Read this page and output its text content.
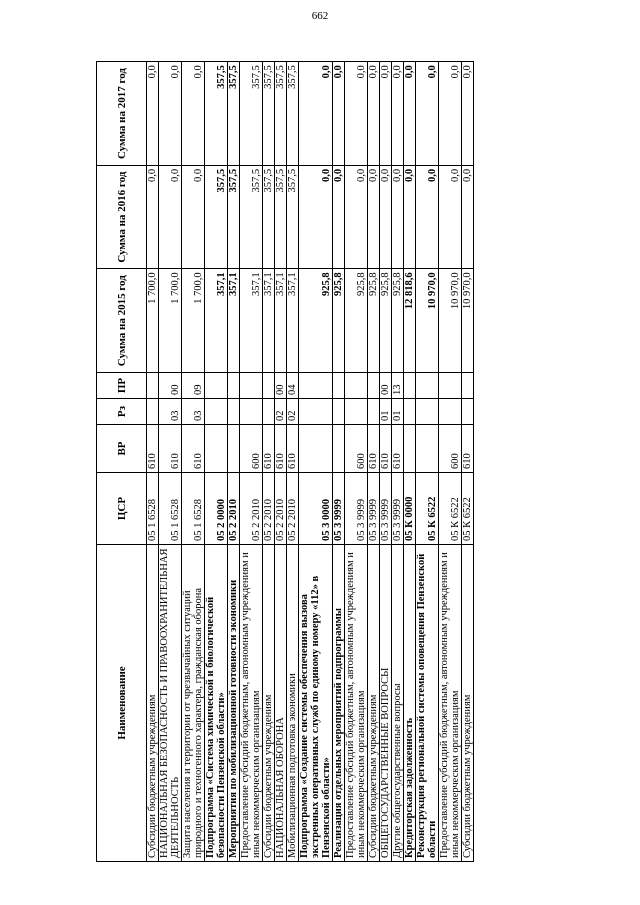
662
Наименование	ЦСР	ВР	Рз	ПР	Сумма на 2015 год	Сумма на 2016 год	Сумма на 2017 год
Субсидии бюджетным учреждениям	05 1 6528	610			1 700,0	0,0	0,0
НАЦИОНАЛЬНАЯ БЕЗОПАСНОСТЬ И ПРАВООХРАНИТЕЛЬНАЯ ДЕЯТЕЛЬНОСТЬ	05 1 6528	610	03	00	1 700,0	0,0	0,0
Защита населения и территории от чрезвычайных ситуаций природного и техногенного характера, гражданская оборона	05 1 6528	610	03	09	1 700,0	0,0	0,0
Подпрограмма «Система химической и биологической безопасности Пензенской области»	05 2 0000				357,1	357,5	357,5
Мероприятия по мобилизационной готовности экономики	05 2 2010				357,1	357,5	357,5
Предоставление субсидий бюджетным, автономным учреждениям и иным некоммерческим организациям	05 2 2010	600			357,1	357,5	357,5
Субсидии бюджетным учреждениям	05 2 2010	610			357,1	357,5	357,5
НАЦИОНАЛЬНАЯ ОБОРОНА	05 2 2010	610	02	00	357,1	357,5	357,5
Мобилизационная подготовка экономики	05 2 2010	610	02	04	357,1	357,5	357,5
Подпрограмма «Создание системы обеспечения вызова экстренных оперативных служб по единому номеру «112» в Пензенской области»	05 3 0000				925,8	0,0	0,0
Реализация отдельных мероприятий подпрограммы	05 3 9999				925,8	0,0	0,0
Предоставление субсидий бюджетным, автономным учреждениям и иным некоммерческим организациям	05 3 9999	600			925,8	0,0	0,0
Субсидии бюджетным учреждениям	05 3 9999	610			925,8	0,0	0,0
ОБЩЕГОСУДАРСТВЕННЫЕ ВОПРОСЫ	05 3 9999	610	01	00	925,8	0,0	0,0
Другие общегосударственные вопросы	05 3 9999	610	01	13	925,8	0,0	0,0
Кредиторская задолженность	05 К 0000				12 818,6	0,0	0,0
Реконструкция региональной системы оповещения Пензенской области	05 К 6522				10 970,0	0,0	0,0
Предоставление субсидий бюджетным, автономным учреждениям и иным некоммерческим организациям	05 К 6522	600			10 970,0	0,0	0,0
Субсидии бюджетным учреждениям	05 К 6522	610			10 970,0	0,0	0,0
